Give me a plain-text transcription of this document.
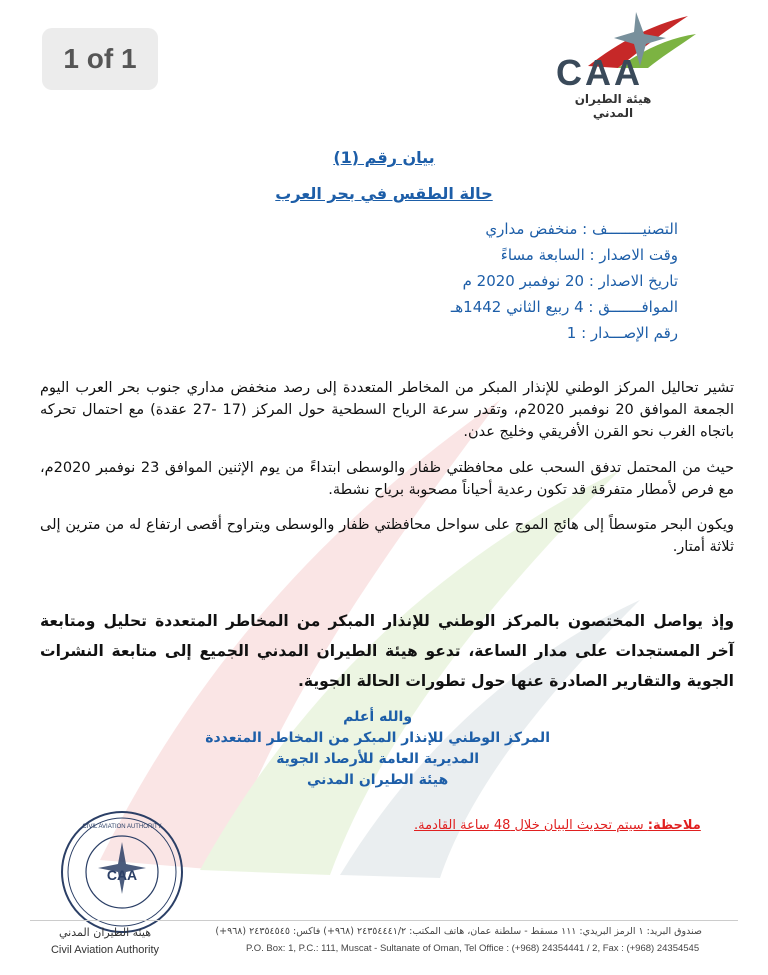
1 of 1	CAA
هيئة الطيران المدني
بيان رقم (1)
حالة الطقس في بحر العرب
التصنيــــــــف : منخفض مداري
وقت الاصدار : السابعة مساءً
تاريخ الاصدار : 20 نوفمبر 2020 م
الموافـــــــق : 4 ربيع الثاني 1442هـ
رقم الإصـــدار : 1
تشير تحاليل المركز الوطني للإنذار المبكر من المخاطر المتعددة إلى رصد منخفض مداري جنوب بحر العرب اليوم الجمعة الموافق 20 نوفمبر 2020م، وتقدر سرعة الرياح السطحية حول المركز (17 -27 عقدة) مع احتمال تحركه باتجاه الغرب نحو القرن الأفريقي وخليج عدن.
حيث من المحتمل تدفق السحب على محافظتي ظفار والوسطى ابتداءً من يوم الإثنين الموافق 23 نوفمبر 2020م، مع فرص لأمطار متفرقة قد تكون رعدية أحياناً مصحوبة برياح نشطة.
ويكون البحر متوسطاً إلى هائج الموج على سواحل محافظتي ظفار والوسطى ويتراوح أقصى ارتفاع له من مترين إلى ثلاثة أمتار.
وإذ يواصل المختصون بالمركز الوطني للإنذار المبكر من المخاطر المتعددة تحليل ومتابعة آخر المستجدات على مدار الساعة، تدعو هيئة الطيران المدني الجميع إلى متابعة النشرات الجوية والتقارير الصادرة عنها حول تطورات الحالة الجوية.
والله أعلم
المركز الوطني للإنذار المبكر من المخاطر المتعددة
المديرية العامة للأرصاد الجوية
هيئة الطيران المدني
ملاحظة: سيتم تحديث البيان خلال 48 ساعة القادمة.
CAA
CIVIL AVIATION AUTHORITY
هيئة الطيران المدني
Civil Aviation Authority
صندوق البريد: ١ الرمز البريدي: ١١١ مسقط - سلطنة عمان، هاتف المكتب: ٢٤٣٥٤٤٤١/٢ (٩٦٨+) فاكس: ٢٤٣٥٤٥٤٥ (٩٦٨+)
P.O. Box: 1, P.C.: 111, Muscat - Sultanate of Oman, Tel Office : (+968) 24354441 / 2, Fax : (+968) 24354545
